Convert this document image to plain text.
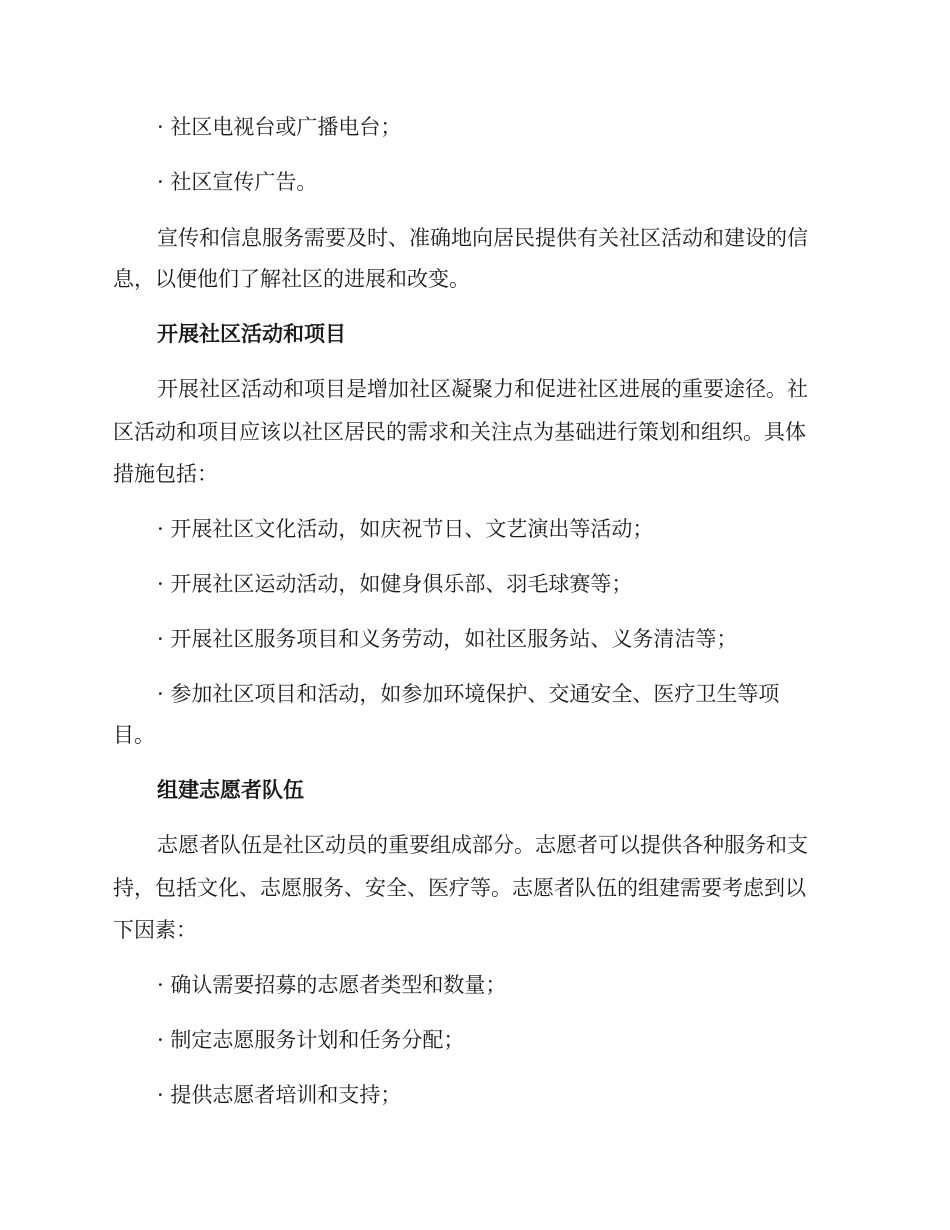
· 社区电视台或广播电台；
· 社区宣传广告。
宣传和信息服务需要及时、准确地向居民提供有关社区活动和建设的信
息，以便他们了解社区的进展和改变。
开展社区活动和项目
开展社区活动和项目是增加社区凝聚力和促进社区进展的重要途径。社
区活动和项目应该以社区居民的需求和关注点为基础进行策划和组织。具体
措施包括：
· 开展社区文化活动，如庆祝节日、文艺演出等活动；
· 开展社区运动活动，如健身俱乐部、羽毛球赛等；
· 开展社区服务项目和义务劳动，如社区服务站、义务清洁等；
· 参加社区项目和活动，如参加环境保护、交通安全、医疗卫生等项
目。
组建志愿者队伍
志愿者队伍是社区动员的重要组成部分。志愿者可以提供各种服务和支
持，包括文化、志愿服务、安全、医疗等。志愿者队伍的组建需要考虑到以
下因素：
· 确认需要招募的志愿者类型和数量；
· 制定志愿服务计划和任务分配；
· 提供志愿者培训和支持；
